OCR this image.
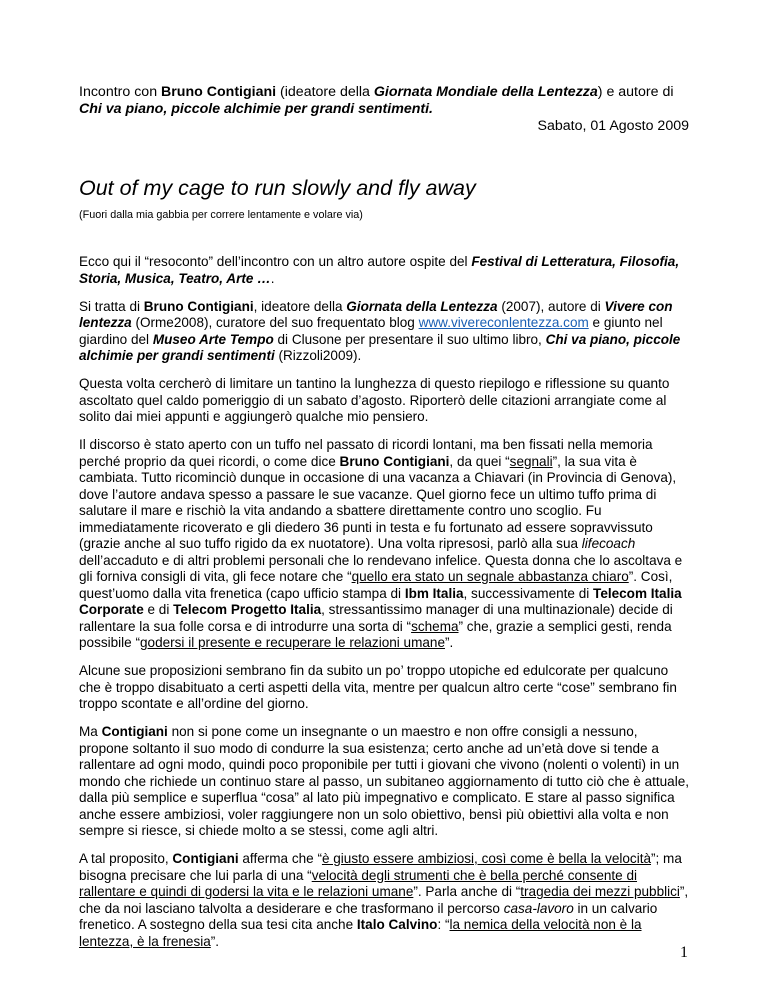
Incontro con Bruno Contigiani (ideatore della Giornata Mondiale della Lentezza) e autore di Chi va piano, piccole alchimie per grandi sentimenti.

Sabato, 01 Agosto 2009

Out of my cage to run slowly and fly away

(Fuori dalla mia gabbia per correre lentamente e volare via)

Ecco qui il “resoconto” dell’incontro con un altro autore ospite del Festival di Letteratura, Filosofia, Storia, Musica, Teatro, Arte ….

Si tratta di Bruno Contigiani, ideatore della Giornata della Lentezza (2007), autore di Vivere con lentezza (Orme2008), curatore del suo frequentato blog www.vivereconlentezza.com e giunto nel giardino del Museo Arte Tempo di Clusone per presentare il suo ultimo libro, Chi va piano, piccole alchimie per grandi sentimenti (Rizzoli2009).

Questa volta cercherò di limitare un tantino la lunghezza di questo riepilogo e riflessione su quanto ascoltato quel caldo pomeriggio di un sabato d’agosto. Riporterò delle citazioni arrangiate come al solito dai miei appunti e aggiungerò qualche mio pensiero.

Il discorso è stato aperto con un tuffo nel passato di ricordi lontani, ma ben fissati nella memoria perché proprio da quei ricordi, o come dice Bruno Contigiani, da quei “segnali”, la sua vita è cambiata. Tutto ricominciò dunque in occasione di una vacanza a Chiavari (in Provincia di Genova), dove l’autore andava spesso a passare le sue vacanze. Quel giorno fece un ultimo tuffo prima di salutare il mare e rischiò la vita andando a sbattere direttamente contro uno scoglio. Fu immediatamente ricoverato e gli diedero 36 punti in testa e fu fortunato ad essere sopravvissuto (grazie anche al suo tuffo rigido da ex nuotatore). Una volta ripresosi, parlò alla sua lifecoach dell’accaduto e di altri problemi personali che lo rendevano infelice. Questa donna che lo ascoltava e gli forniva consigli di vita, gli fece notare che “quello era stato un segnale abbastanza chiaro”. Così, quest’uomo dalla vita frenetica (capo ufficio stampa di Ibm Italia, successivamente di Telecom Italia Corporate e di Telecom Progetto Italia, stressantissimo manager di una multinazionale) decide di rallentare la sua folle corsa e di introdurre una sorta di “schema” che, grazie a semplici gesti, renda possibile “godersi il presente e recuperare le relazioni umane”.

Alcune sue proposizioni sembrano fin da subito un po’ troppo utopiche ed edulcorate per qualcuno che è troppo disabituato a certi aspetti della vita, mentre per qualcun altro certe “cose” sembrano fin troppo scontate e all’ordine del giorno.

Ma Contigiani non si pone come un insegnante o un maestro e non offre consigli a nessuno, propone soltanto il suo modo di condurre la sua esistenza; certo anche ad un’età dove si tende a rallentare ad ogni modo, quindi poco proponibile per tutti i giovani che vivono (nolenti o volenti) in un mondo che richiede un continuo stare al passo, un subitaneo aggiornamento di tutto ciò che è attuale, dalla più semplice e superflua “cosa” al lato più impegnativo e complicato. E stare al passo significa anche essere ambiziosi, voler raggiungere non un solo obiettivo, bensì più obiettivi alla volta e non sempre si riesce, si chiede molto a se stessi, come agli altri.

A tal proposito, Contigiani afferma che “è giusto essere ambiziosi, così come è bella la velocità”; ma bisogna precisare che lui parla di una “velocità degli strumenti che è bella perché consente di rallentare e quindi di godersi la vita e le relazioni umane”. Parla anche di “tragedia dei mezzi pubblici”, che da noi lasciano talvolta a desiderare e che trasformano il percorso casa-lavoro in un calvario frenetico. A sostegno della sua tesi cita anche Italo Calvino: “la nemica della velocità non è la lentezza, è la frenesia”.

1
